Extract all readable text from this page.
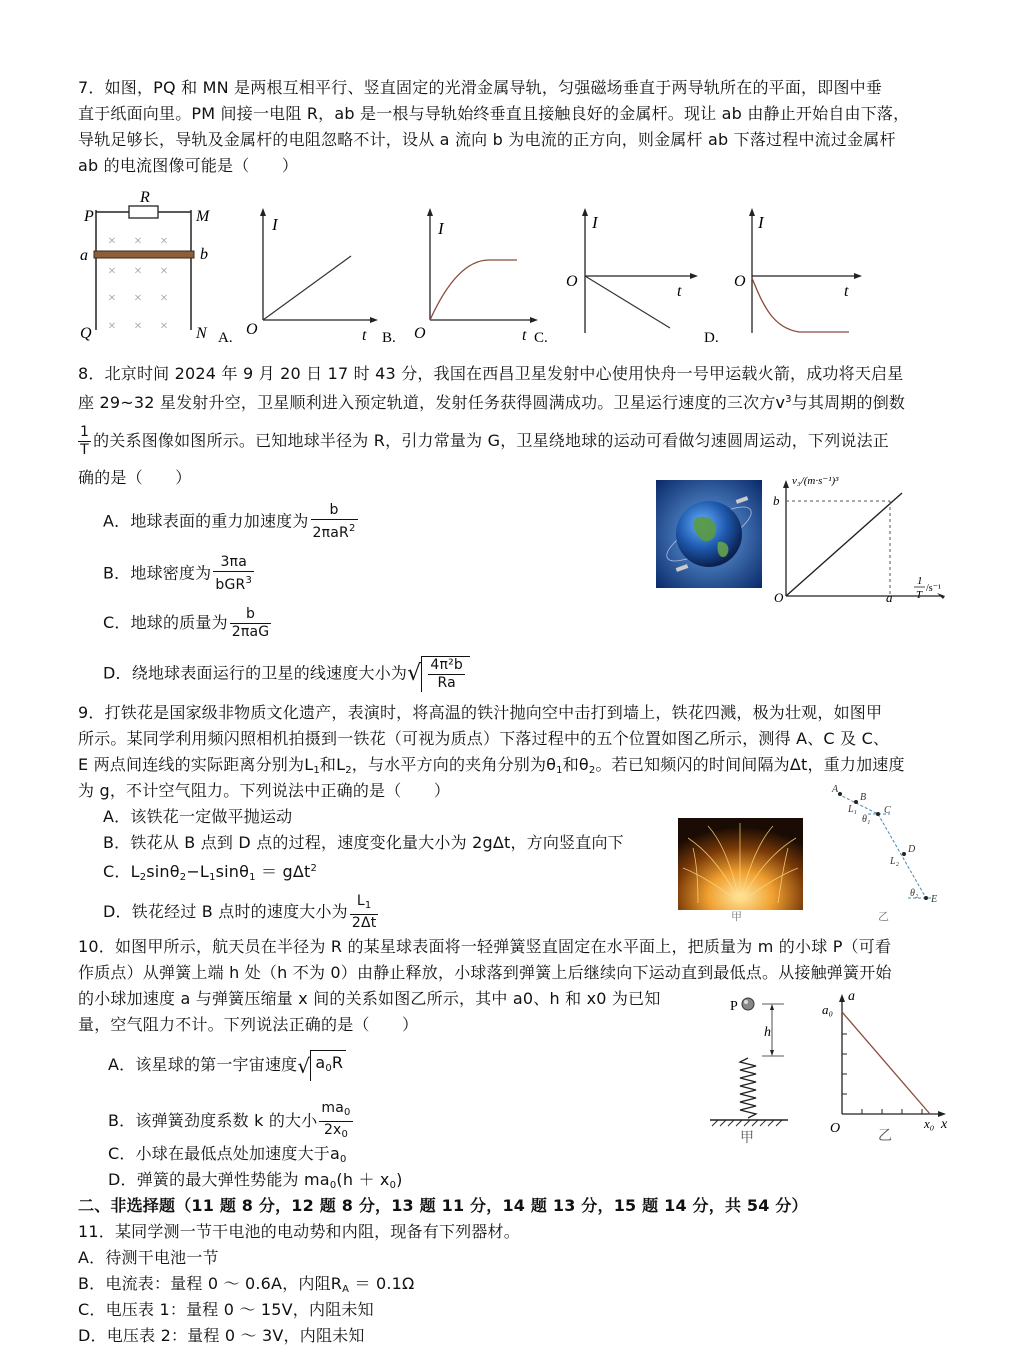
7．如图，PQ 和 MN 是两根互相平行、竖直固定的光滑金属导轨，匀强磁场垂直于两导轨所在的平面，即图中垂
直于纸面向里。PM 间接一电阻 R，ab 是一根与导轨始终垂直且接触良好的金属杆。现让 ab 由静止开始自由下落，
导轨足够长，导轨及金属杆的电阻忽略不计，设从 a 流向 b 为电流的正方向，则金属杆 ab 下落过程中流过金属杆
ab 的电流图像可能是（　　）
× × ×
× × ×
× × ×
× × ×
P	M
R
a	b
Q	N A.
I
O	t B.
I
O	t C.
I
O
t
D.
I
O
t
8．北京时间 2024 年 9 月 20 日 17 时 43 分，我国在西昌卫星发射中心使用快舟一号甲运载火箭，成功将天启星
座 29~32 星发射升空，卫星顺利进入预定轨道，发射任务获得圆满成功。卫星运行速度的三次方$v^3$与其周期的倒数
$\frac{1}{T}$ 的关系图像如图所示。已知地球半径为 R，引力常量为 G，卫星绕地球的运动可看做匀速圆周运动，下列说法正
确的是（　　）
A．地球表面的重力加速度为 $\frac{b}{2\pi aR^2}$
B．地球密度为 $\frac{3\pi a}{bGR^3}$
C．地球的质量为 $\frac{b}{\text{2πaG}}$
D．绕地球表面运行的卫星的线速度大小为√ $\frac{\text{4π²b}}{Ra}$
v₃/(m·s⁻¹)³
b
O	a
1
T
/s⁻¹
9．打铁花是国家级非物质文化遗产，表演时，将高温的铁汁抛向空中击打到墙上，铁花四溅，极为壮观，如图甲
所示。某同学利用频闪照相机拍摄到一铁花（可视为质点）下落过程中的五个位置如图乙所示，测得 A、C 及 C、
E 两点间连线的实际距离分别为$L_1$和$L_2$，与水平方向的夹角分别为$\theta_1$和$\theta_2$。若已知频闪的时间间隔为Δt，重力加速度
为 g，不计空气阻力。下列说法中正确的是（　　）
A．该铁花一定做平抛运动
B．铁花从 B 点到 D 点的过程，速度变化量大小为 2gΔt，方向竖直向下
C．$L_2\sin\theta_2-L_1\sin\theta_1 = g\Delta t^2$
D．铁花经过 B 点时的速度大小为 $\frac{L_1}{2\Delta t}$	甲
A
B
C
D
E
L₁
L₂
θ₁
θ₂
乙
10．如图甲所示，航天员在半径为 R 的某星球表面将一轻弹簧竖直固定在水平面上，把质量为 m 的小球 P（可看
作质点）从弹簧上端 h 处（h 不为 0）由静止释放，小球落到弹簧上后继续向下运动直到最低点。从接触弹簧开始
的小球加速度 a 与弹簧压缩量 x 间的关系如图乙所示，其中 a0、h 和 x0 为已知
量，空气阻力不计。下列说法正确的是（　　）
A．该星球的第一宇宙速度√ $a_0R$
B．该弹簧劲度系数 k 的大小 $\frac{ma_0}{2x_0}$
C．小球在最低点处加速度大于$a_0$
D．弹簧的最大弹性势能为 $ma_0(h + x_0)$
P
h
甲
a
a₀
O	x₀ x
乙
二、非选择题（11 题 8 分，12 题 8 分，13 题 11 分，14 题 13 分，15 题 14 分，共 54 分）
11．某同学测一节干电池的电动势和内阻，现备有下列器材。
A．待测干电池一节
B．电流表：量程 0 ～ 0.6A，内阻$R_A = 0.1\Omega$
C．电压表 1：量程 0 ～ 15V，内阻未知
D．电压表 2：量程 0 ～ 3V，内阻未知
